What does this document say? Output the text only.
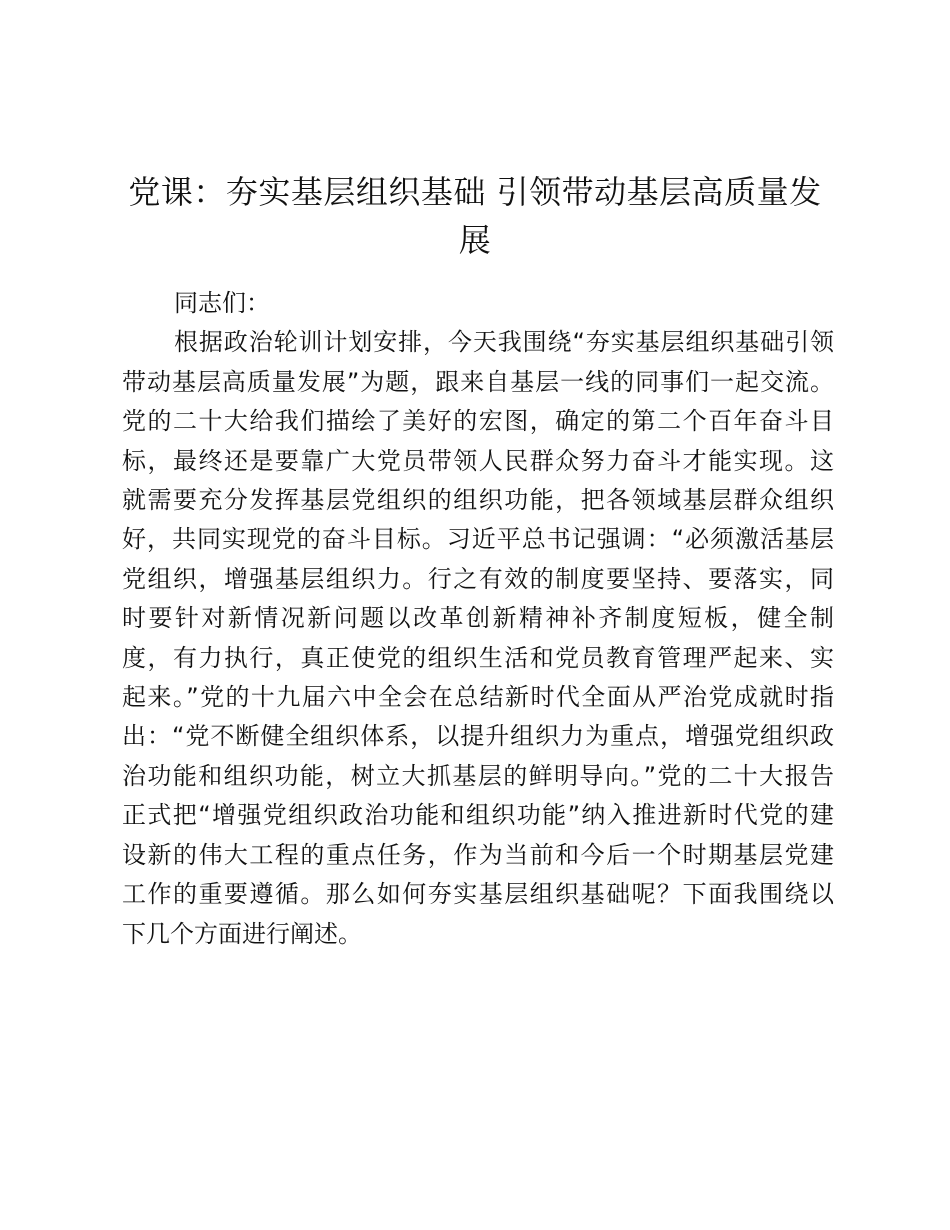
党课：夯实基层组织基础 引领带动基层高质量发展

同志们：

根据政治轮训计划安排，今天我围绕“夯实基层组织基础引领
带动基层高质量发展”为题，跟来自基层一线的同事们一起交流。
党的二十大给我们描绘了美好的宏图，确定的第二个百年奋斗目
标，最终还是要靠广大党员带领人民群众努力奋斗才能实现。这
就需要充分发挥基层党组织的组织功能，把各领域基层群众组织
好，共同实现党的奋斗目标。习近平总书记强调：“必须激活基层
党组织，增强基层组织力。行之有效的制度要坚持、要落实，同
时要针对新情况新问题以改革创新精神补齐制度短板，健全制
度，有力执行，真正使党的组织生活和党员教育管理严起来、实
起来。”党的十九届六中全会在总结新时代全面从严治党成就时指
出：“党不断健全组织体系，以提升组织力为重点，增强党组织政
治功能和组织功能，树立大抓基层的鲜明导向。”党的二十大报告
正式把“增强党组织政治功能和组织功能”纳入推进新时代党的建
设新的伟大工程的重点任务，作为当前和今后一个时期基层党建
工作的重要遵循。那么如何夯实基层组织基础呢？下面我围绕以
下几个方面进行阐述。
